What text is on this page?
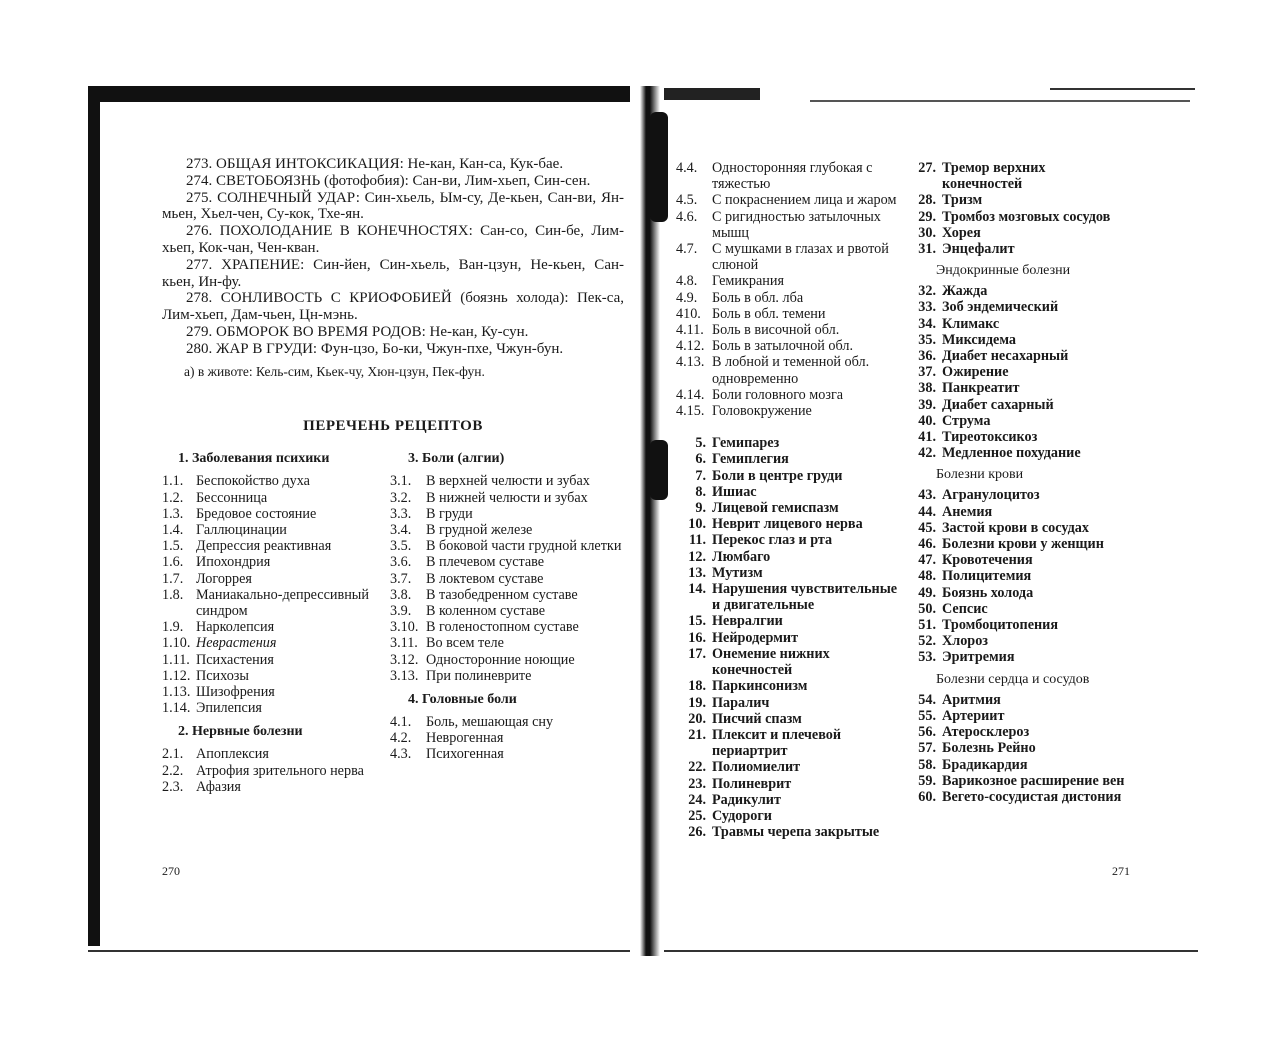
273. ОБЩАЯ ИНТОКСИКАЦИЯ: Не-кан, Кан-са, Кук-бае.

274. СВЕТОБОЯЗНЬ (фотофобия): Сан-ви, Лим-хьеп, Син-сен.

275. СОЛНЕЧНЫЙ УДАР: Син-хьель, Ым-су, Де-кьен, Сан-ви, Ян-мьен, Хьел-чен, Су-кок, Тхе-ян.

276. ПОХОЛОДАНИЕ В КОНЕЧНОСТЯХ: Сан-со, Син-бе, Лим-хьеп, Кок-чан, Чен-кван.

277. ХРАПЕНИЕ: Син-йен, Син-хьель, Ван-цзун, Не-кьен, Сан-кьен, Ин-фу.

278. СОНЛИВОСТЬ С КРИОФОБИЕЙ (боязнь холода): Пек-са, Лим-хьеп, Дам-чьен, Цн-мэнь.

279. ОБМОРОК ВО ВРЕМЯ РОДОВ: Не-кан, Ку-сун.

280. ЖАР В ГРУДИ: Фун-цзо, Бо-ки, Чжун-пхе, Чжун-бун.

а) в животе: Кель-сим, Кьек-чу, Хюн-цзун, Пек-фун.

ПЕРЕЧЕНЬ РЕЦЕПТОВ
1. Заболевания психики
1.1. Беспокойство духа
1.2. Бессонница
1.3. Бредовое состояние
1.4. Галлюцинации
1.5. Депрессия реактивная
1.6. Ипохондрия
1.7. Логоррея
1.8. Маниакально-депрессивный синдром
1.9. Нарколепсия
1.10. Неврастения
1.11. Психастения
1.12. Психозы
1.13. Шизофрения
1.14. Эпилепсия
2. Нервные болезни
2.1. Апоплексия
2.2. Атрофия зрительного нерва
2.3. Афазия
3. Боли (алгии)
3.1.	В верхней челюсти и зубах
3.2.	В нижней челюсти и зубах
3.3.	В груди
3.4.	В грудной железе
3.5.	В боковой части грудной клетки
3.6.	В плечевом суставе
3.7.	В локтевом суставе
3.8.	В тазобедренном суставе
3.9.	В коленном суставе
3.10. В голеностопном суставе
3.11. Во всем теле
3.12. Односторонние ноющие
3.13. При полиневрите
4. Головные боли
4.1.	Боль, мешающая сну
4.2.	Неврогенная
4.3.	Психогенная
270
4.4.	Односторонняя глубокая с тяжестью
4.5.	С покраснением лица и жаром
4.6.	С ригидностью затылочных мышц
4.7.	С мушками в глазах и рвотой слюной
4.8.	Гемикрания
4.9.	Боль в обл. лба
410. Боль в обл. темени
4.11. Боль в височной обл.
4.12. Боль в затылочной обл.
4.13. В лобной и теменной обл. одновременно
4.14. Боли головного мозга
4.15. Головокружение
5. Гемипарез
6. Гемиплегия
7. Боли в центре груди
8. Ишиас
9. Лицевой гемиспазм
10. Неврит лицевого нерва
11. Перекос глаз и рта
12. Люмбаго
13. Мутизм
14. Нарушения чувствительные и двигательные
15. Невралгии
16. Нейродермит
17. Онемение нижних конечностей
18. Паркинсонизм
19. Паралич
20. Писчий спазм
21. Плексит и плечевой периартрит
22. Полиомиелит
23. Полиневрит
24. Радикулит
25. Судороги
26. Травмы черепа закрытые
27. Тремор верхних конечностей
28. Тризм
29. Тромбоз мозговых сосудов
30. Хорея
31. Энцефалит
Эндокринные болезни
32. Жажда
33. Зоб эндемический
34. Климакс
35. Миксидема
36. Диабет несахарный
37. Ожирение
38. Панкреатит
39. Диабет сахарный
40. Струма
41. Тиреотоксикоз
42. Медленное похудание
Болезни крови
43. Агранулоцитоз
44. Анемия
45. Застой крови в сосудах
46. Болезни крови у женщин
47. Кровотечения
48. Полицитемия
49. Боязнь холода
50. Сепсис
51. Тромбоцитопения
52. Хлороз
53. Эритремия
Болезни сердца и сосудов
54. Аритмия
55. Артериит
56. Атеросклероз
57. Болезнь Рейно
58. Брадикардия
59. Варикозное расширение вен
60. Вегето-сосудистая дистония
271
